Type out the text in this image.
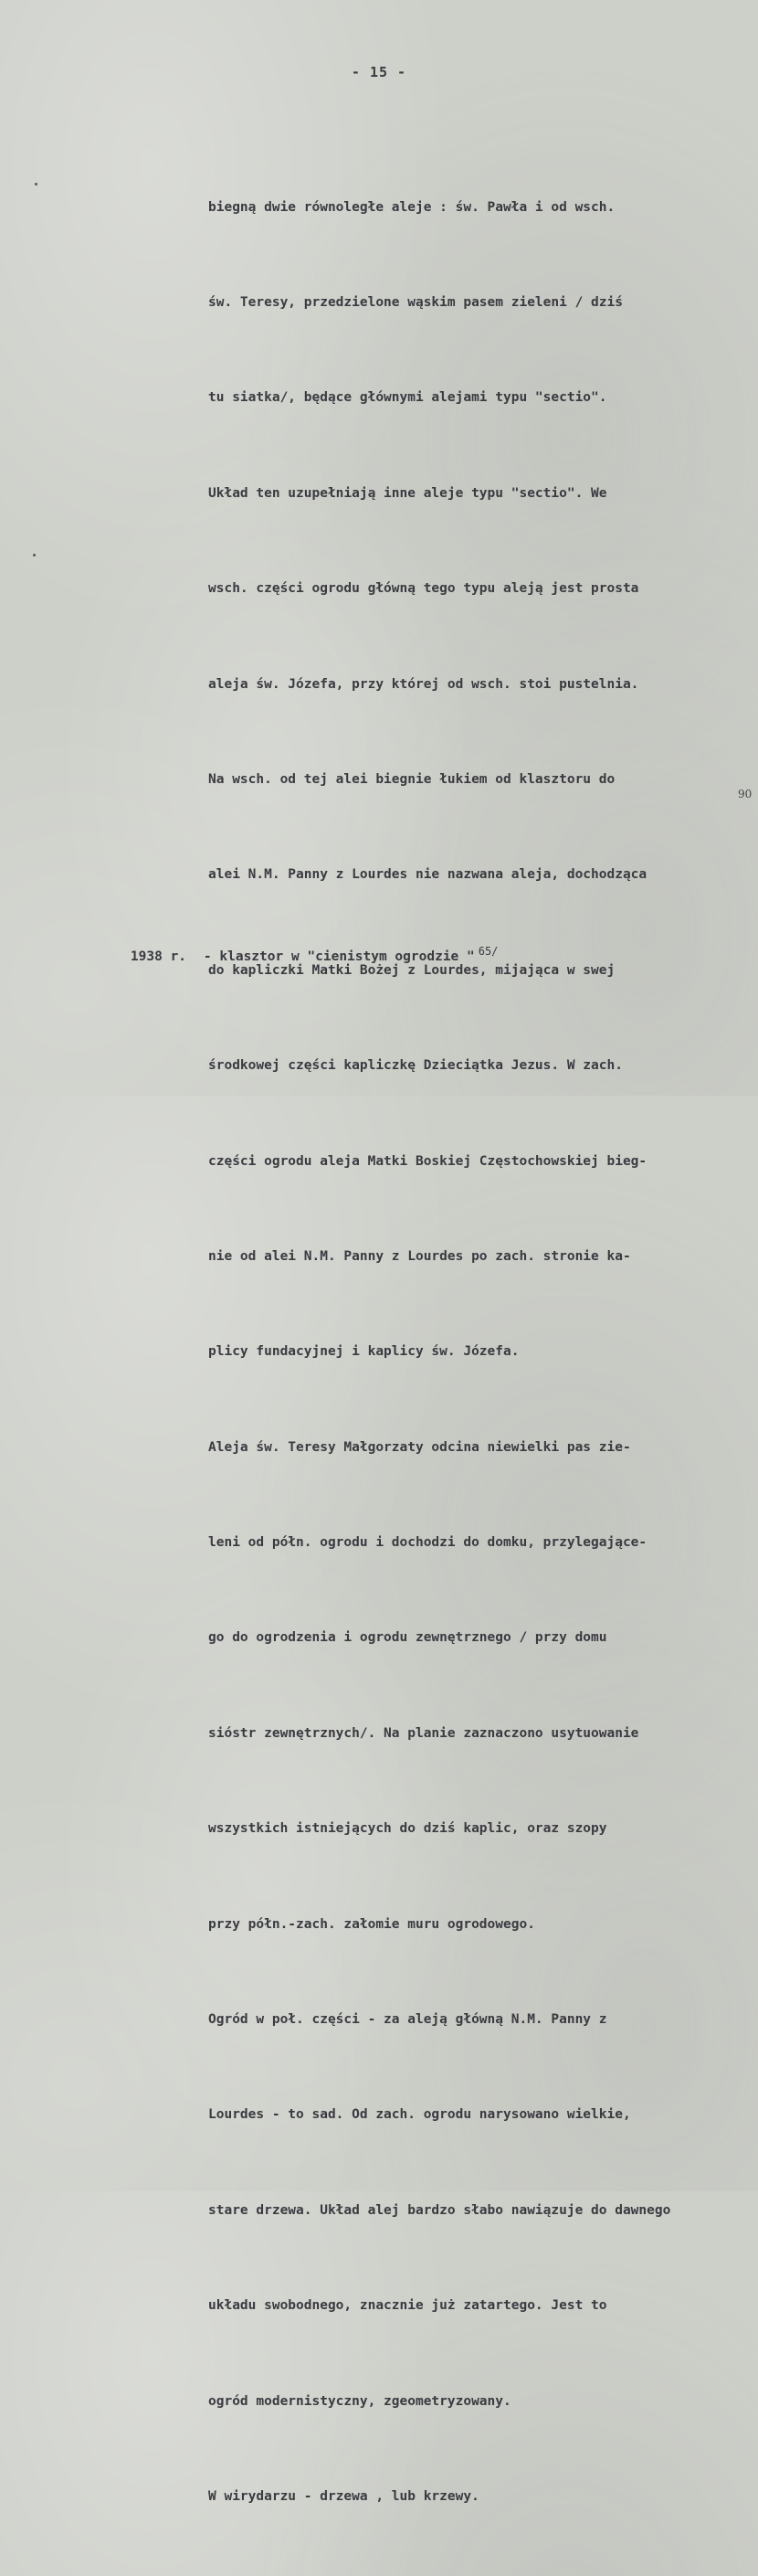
- 15 -

biegną dwie równoległe aleje : św. Pawła i od wsch.

św. Teresy, przedzielone wąskim pasem zieleni / dziś

tu siatka/, będące głównymi alejami typu "sectio".

Układ ten uzupełniają inne aleje typu "sectio". We

wsch. części ogrodu główną tego typu aleją jest prosta

aleja św. Józefa, przy której od wsch. stoi pustelnia.

Na wsch. od tej alei biegnie łukiem od klasztoru do

alei N.M. Panny z Lourdes nie nazwana aleja, dochodząca

do kapliczki Matki Bożej z Lourdes, mijająca w swej

środkowej części kapliczkę Dzieciątka Jezus. W zach.

części ogrodu aleja Matki Boskiej Częstochowskiej bieg-

nie od alei N.M. Panny z Lourdes po zach. stronie ka-

plicy fundacyjnej i kaplicy św. Józefa.

Aleja św. Teresy Małgorzaty odcina niewielki pas zie-

leni od półn. ogrodu i dochodzi do domku, przylegające-

go do ogrodzenia i ogrodu zewnętrznego / przy domu

sióstr zewnętrznych/. Na planie zaznaczono usytuowanie

wszystkich istniejących do dziś kaplic, oraz szopy

przy półn.-zach. załomie muru ogrodowego.

Ogród w poł. części - za aleją główną N.M. Panny z

Lourdes - to sad. Od zach. ogrodu narysowano wielkie,

stare drzewa. Układ alej bardzo słabo nawiązuje do dawnego

układu swobodnego, znacznie już zatartego. Jest to

ogród modernistyczny, zgeometryzowany.

W wirydarzu - drzewa , lub krzewy.

1938 r. - klasztor w "cienistym ogrodzie " $^{65/}$

90
